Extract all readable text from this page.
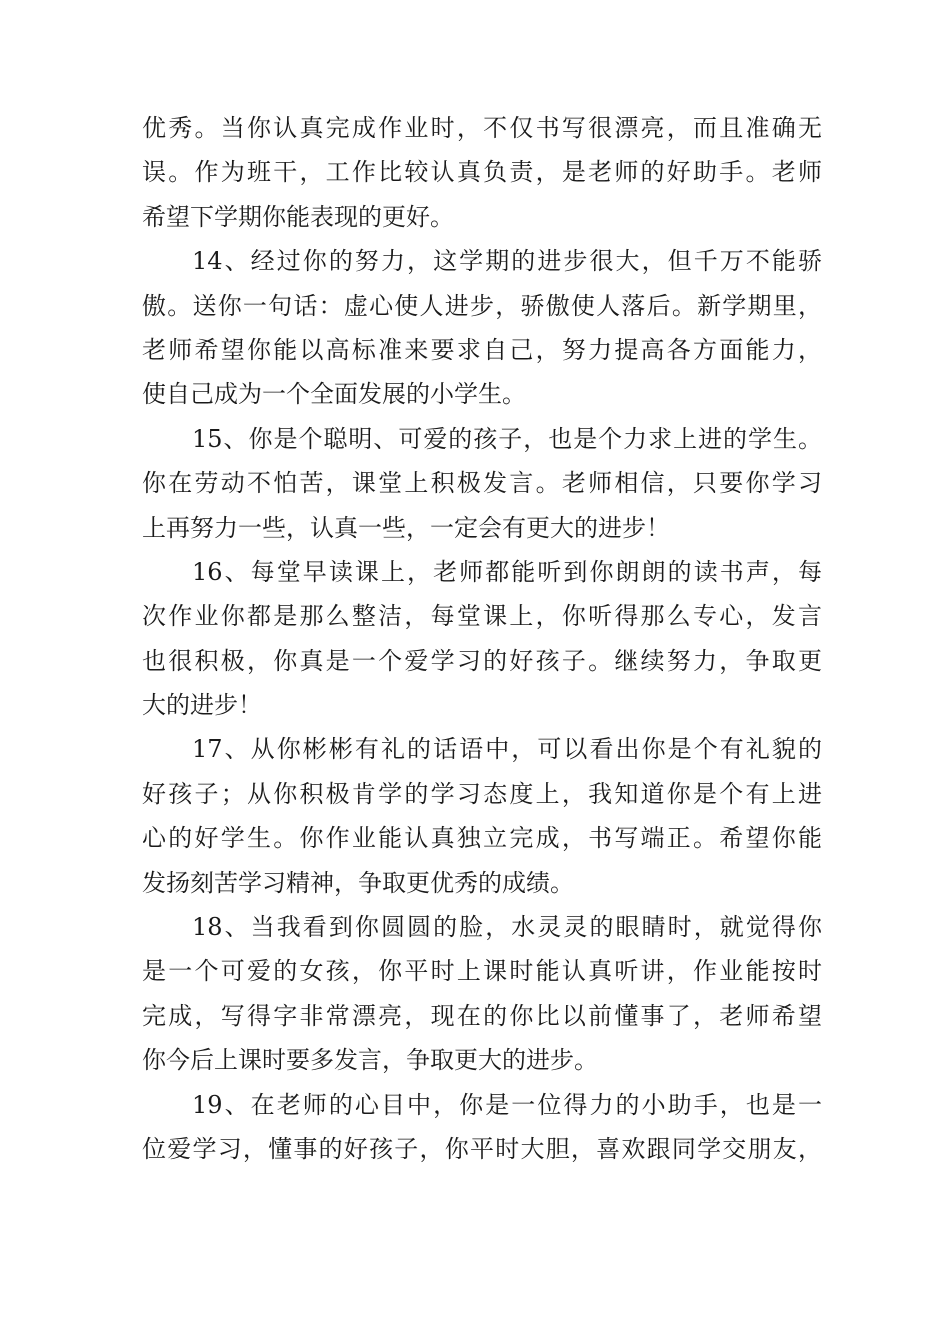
优秀。当你认真完成作业时，不仅书写很漂亮，而且准确无
误。作为班干，工作比较认真负责，是老师的好助手。老师
希望下学期你能表现的更好。
14、经过你的努力，这学期的进步很大，但千万不能骄
傲。送你一句话：虚心使人进步，骄傲使人落后。新学期里，
老师希望你能以高标准来要求自己，努力提高各方面能力，
使自己成为一个全面发展的小学生。
15、你是个聪明、可爱的孩子，也是个力求上进的学生。
你在劳动不怕苦，课堂上积极发言。老师相信，只要你学习
上再努力一些，认真一些，一定会有更大的进步！
16、每堂早读课上，老师都能听到你朗朗的读书声，每
次作业你都是那么整洁，每堂课上，你听得那么专心，发言
也很积极，你真是一个爱学习的好孩子。继续努力，争取更
大的进步！
17、从你彬彬有礼的话语中，可以看出你是个有礼貌的
好孩子；从你积极肯学的学习态度上，我知道你是个有上进
心的好学生。你作业能认真独立完成，书写端正。希望你能
发扬刻苦学习精神，争取更优秀的成绩。
18、当我看到你圆圆的脸，水灵灵的眼睛时，就觉得你
是一个可爱的女孩，你平时上课时能认真听讲，作业能按时
完成，写得字非常漂亮，现在的你比以前懂事了，老师希望
你今后上课时要多发言，争取更大的进步。
19、在老师的心目中，你是一位得力的小助手，也是一
位爱学习，懂事的好孩子，你平时大胆，喜欢跟同学交朋友，
